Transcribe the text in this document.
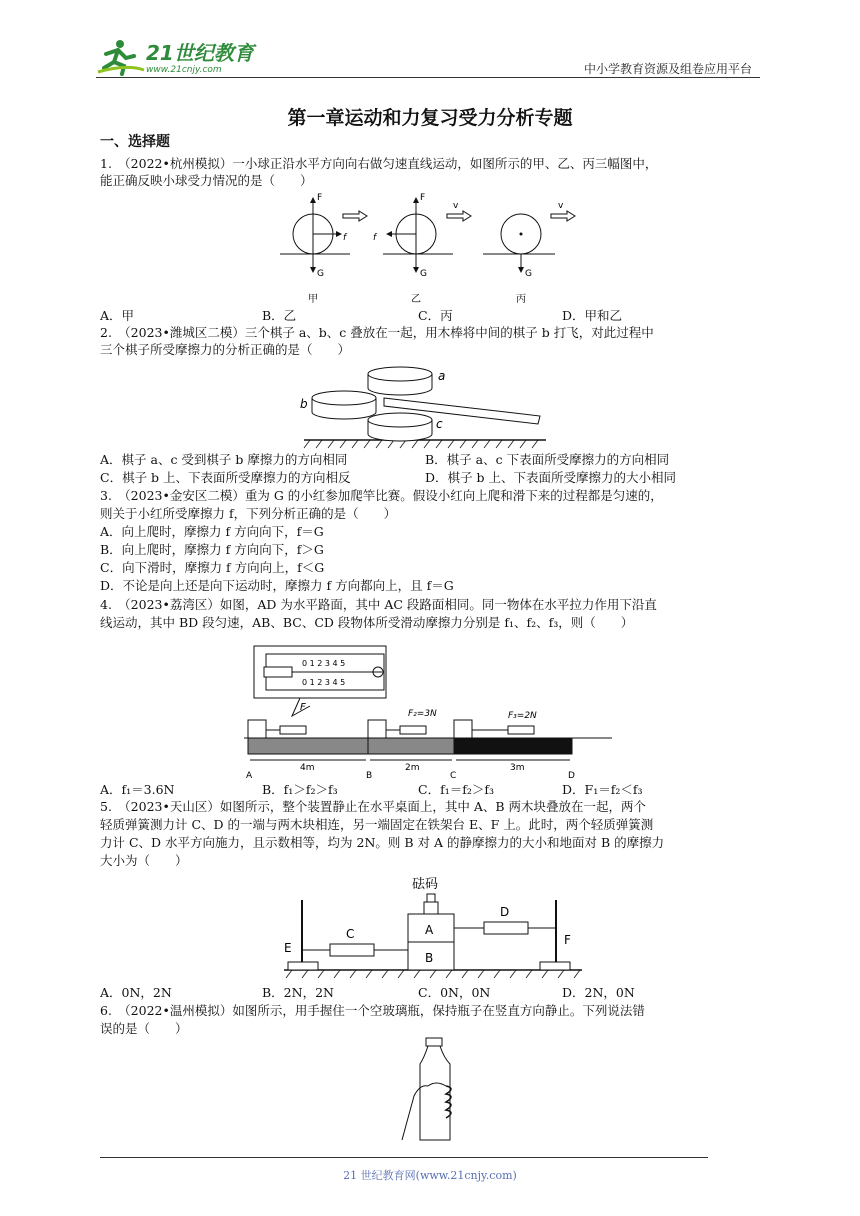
21世纪教育
www.21cnjy.com	中小学教育资源及组卷应用平台
第一章运动和力复习受力分析专题
一、选择题
1.　（2022•杭州模拟）一小球正沿水平方向向右做匀速直线运动，如图所示的甲、乙、丙三幅图中，
能正确反映小球受力情况的是（　　）
F
G
f
甲
F
G
f
v
乙
G
v
丙
A．甲	B．乙	C．丙	D．甲和乙
2.　（2023•潍城区二模）三个棋子 a、b、c 叠放在一起，用木棒将中间的棋子 b 打飞，对此过程中
三个棋子所受摩擦力的分析正确的是（　　）
a
b
c
A．棋子 a、c 受到棋子 b 摩擦力的方向相同	B．棋子 a、c 下表面所受摩擦力的方向相同
C．棋子 b 上、下表面所受摩擦力的方向相反	D．棋子 b 上、下表面所受摩擦力的大小相同
3.　（2023•金安区二模）重为 G 的小红参加爬竿比赛。假设小红向上爬和滑下来的过程都是匀速的，
则关于小红所受摩擦力 f，下列分析正确的是（　　）
A．向上爬时，摩擦力 f 方向向下，f＝G
B．向上爬时，摩擦力 f 方向向下，f＞G
C．向下滑时，摩擦力 f 方向向上，f＜G
D．不论是向上还是向下运动时，摩擦力 f 方向都向上，且 f＝G
4.　（2023•荔湾区）如图，AD 为水平路面，其中 AC 段路面相同。同一物体在水平拉力作用下沿直
线运动，其中 BD 段匀速，AB、BC、CD 段物体所受滑动摩擦力分别是 f₁、f₂、f₃，则（　　）
0 1 2 3 4 5
0 1 2 3 4 5
F
F₂=3N	F₃=2N
4m	2m	3m
A	B	C	D
A．f₁＝3.6N	B．f₁＞f₂＞f₃	C．f₁＝f₂＞f₃	D．F₁＝f₂＜f₃
5.　（2023•天山区）如图所示，整个装置静止在水平桌面上，其中 A、B 两木块叠放在一起，两个
轻质弹簧测力计 C、D 的一端与两木块相连，另一端固定在铁架台 E、F 上。此时，两个轻质弹簧测
力计 C、D 水平方向施力，且示数相等，均为 2N。则 B 对 A 的静摩擦力的大小和地面对 B 的摩擦力
大小为（　　）
E
F
C
砝码
A
B
D
A．0N，2N	B．2N，2N	C．0N，0N	D．2N，0N
6.　（2022•温州模拟）如图所示，用手握住一个空玻璃瓶，保持瓶子在竖直方向静止。下列说法错
误的是（　　）
21 世纪教育网(www.21cnjy.com)
